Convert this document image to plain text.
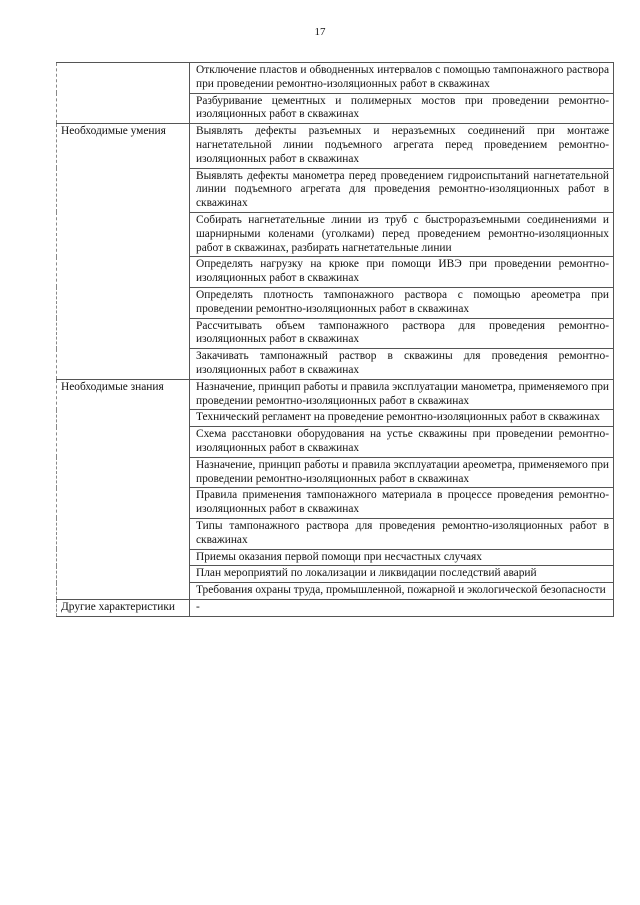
17
	Отключение пластов и обводненных интервалов с помощью тампонажного раствора при проведении ремонтно-изоляционных работ в скважинах
	Разбуривание цементных и полимерных мостов при проведении ремонтно-изоляционных работ в скважинах
Необходимые умения	Выявлять дефекты разъемных и неразъемных соединений при монтаже нагнетательной линии подъемного агрегата перед проведением ремонтно-изоляционных работ в скважинах
	Выявлять дефекты манометра перед проведением гидроиспытаний нагнетательной линии подъемного агрегата для проведения ремонтно-изоляционных работ в скважинах
	Собирать нагнетательные линии из труб с быстроразъемными соединениями и шарнирными коленами (уголками) перед проведением ремонтно-изоляционных работ в скважинах, разбирать нагнетательные линии
	Определять нагрузку на крюке при помощи ИВЭ при проведении ремонтно-изоляционных работ в скважинах
	Определять плотность тампонажного раствора с помощью ареометра при проведении ремонтно-изоляционных работ в скважинах
	Рассчитывать объем тампонажного раствора для проведения ремонтно-изоляционных работ в скважинах
	Закачивать тампонажный раствор в скважины для проведения ремонтно-изоляционных работ в скважинах
Необходимые знания	Назначение, принцип работы и правила эксплуатации манометра, применяемого при проведении ремонтно-изоляционных работ в скважинах
	Технический регламент на проведение ремонтно-изоляционных работ в скважинах
	Схема расстановки оборудования на устье скважины при проведении ремонтно-изоляционных работ в скважинах
	Назначение, принцип работы и правила эксплуатации ареометра, применяемого при проведении ремонтно-изоляционных работ в скважинах
	Правила применения тампонажного материала в процессе проведения ремонтно-изоляционных работ в скважинах
	Типы тампонажного раствора для проведения ремонтно-изоляционных работ в скважинах
	Приемы оказания первой помощи при несчастных случаях
	План мероприятий по локализации и ликвидации последствий аварий
	Требования охраны труда, промышленной, пожарной и экологической безопасности
Другие характеристики	-
